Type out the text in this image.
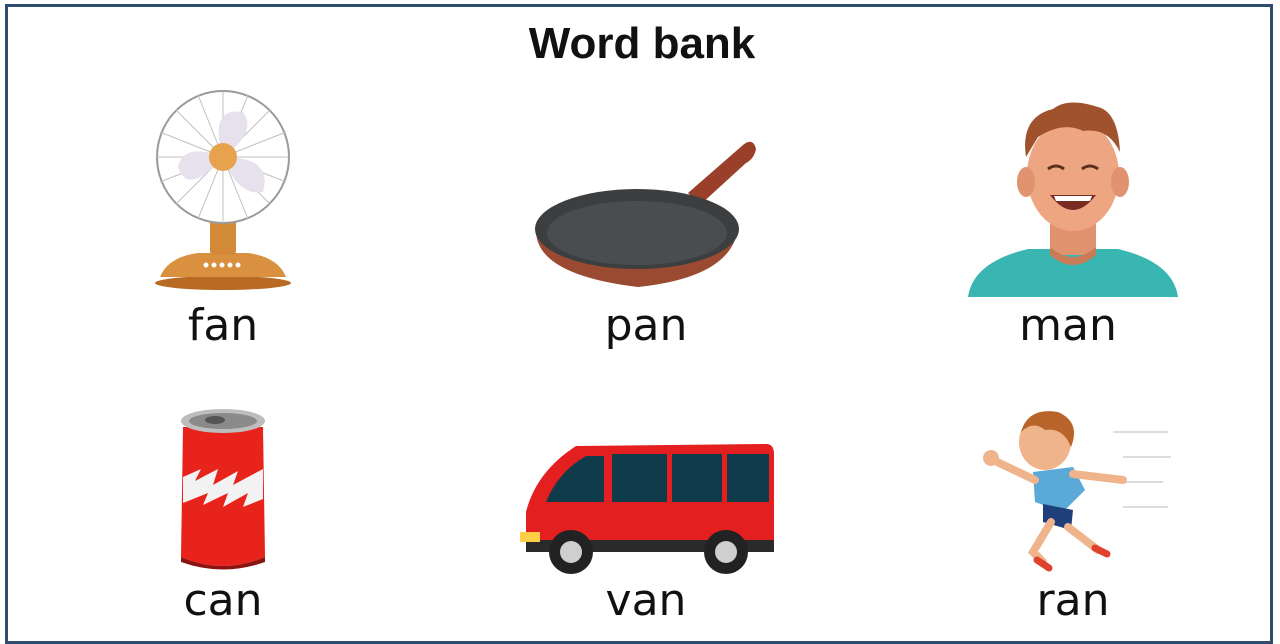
Word bank
fan	pan	man
can	van	ran
